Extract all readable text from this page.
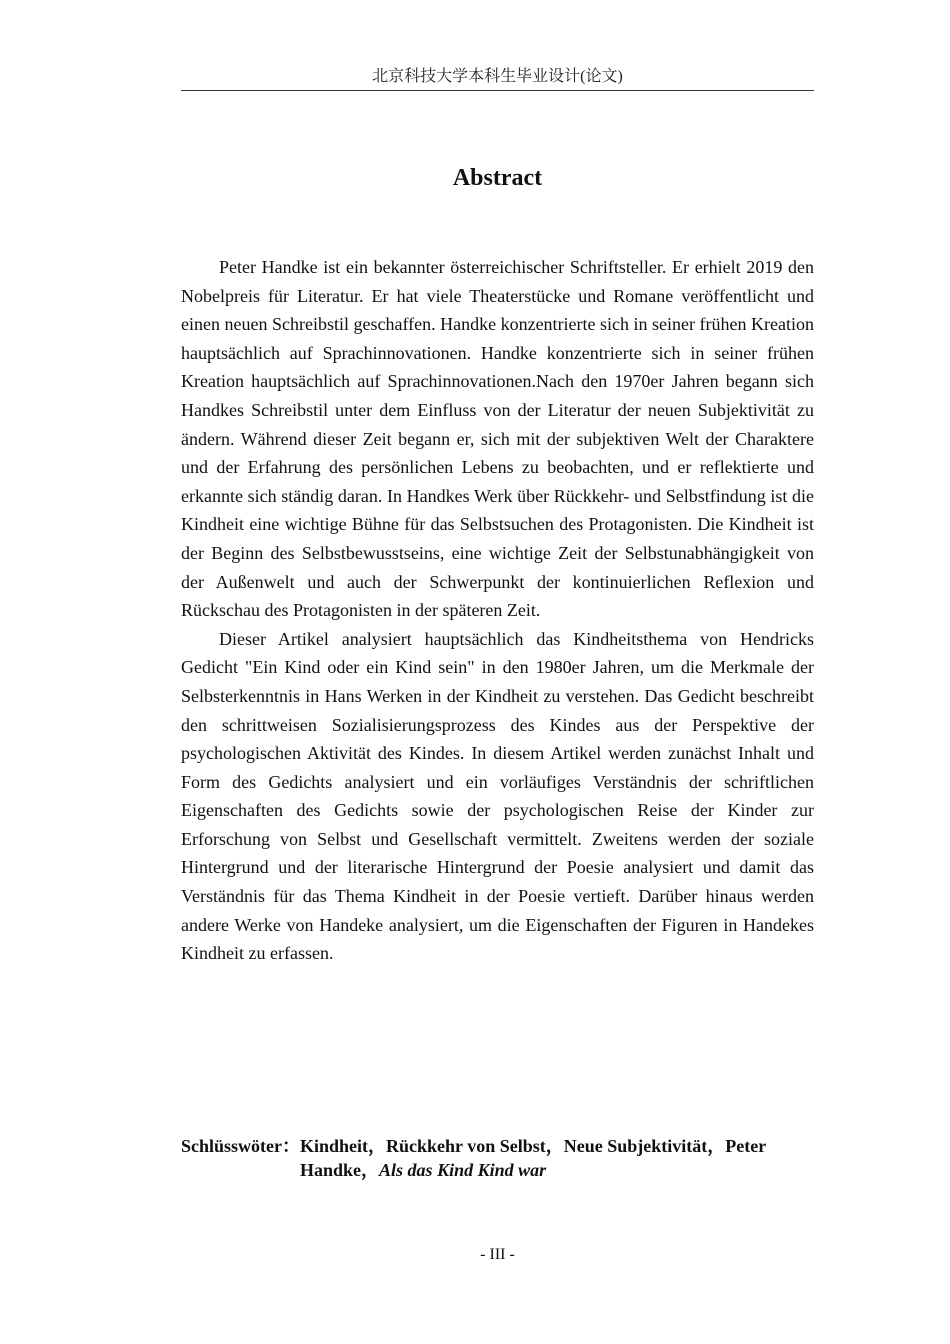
北京科技大学本科生毕业设计(论文)
Abstract

Peter Handke ist ein bekannter österreichischer Schriftsteller. Er erhielt 2019 den Nobelpreis für Literatur. Er hat viele Theaterstücke und Romane veröffentlicht und einen neuen Schreibstil geschaffen. Handke konzentrierte sich in seiner frühen Kreation hauptsächlich auf Sprachinnovationen. Handke konzentrierte sich in seiner frühen Kreation hauptsächlich auf Sprachinnovationen.Nach den 1970er Jahren begann sich Handkes Schreibstil unter dem Einfluss von der Literatur der neuen Subjektivität zu ändern. Während dieser Zeit begann er, sich mit der subjektiven Welt der Charaktere und der Erfahrung des persönlichen Lebens zu beobachten, und er reflektierte und erkannte sich ständig daran. In Handkes Werk über Rückkehr- und Selbstfindung ist die Kindheit eine wichtige Bühne für das Selbstsuchen des Protagonisten. Die Kindheit ist der Beginn des Selbstbewusstseins, eine wichtige Zeit der Selbstunabhängigkeit von der Außenwelt und auch der Schwerpunkt der kontinuierlichen Reflexion und Rückschau des Protagonisten in der späteren Zeit.

Dieser Artikel analysiert hauptsächlich das Kindheitsthema von Hendricks Gedicht "Ein Kind oder ein Kind sein" in den 1980er Jahren, um die Merkmale der Selbsterkenntnis in Hans Werken in der Kindheit zu verstehen. Das Gedicht beschreibt den schrittweisen Sozialisierungsprozess des Kindes aus der Perspektive der psychologischen Aktivität des Kindes. In diesem Artikel werden zunächst Inhalt und Form des Gedichts analysiert und ein vorläufiges Verständnis der schriftlichen Eigenschaften des Gedichts sowie der psychologischen Reise der Kinder zur Erforschung von Selbst und Gesellschaft vermittelt. Zweitens werden der soziale Hintergrund und der literarische Hintergrund der Poesie analysiert und damit das Verständnis für das Thema Kindheit in der Poesie vertieft. Darüber hinaus werden andere Werke von Handeke analysiert, um die Eigenschaften der Figuren in Handekes Kindheit zu erfassen.

Schlüsswöter： Kindheit，Rückkehr von Selbst，Neue Subjektivität，Peter Handke，Als das Kind Kind war
- III -
